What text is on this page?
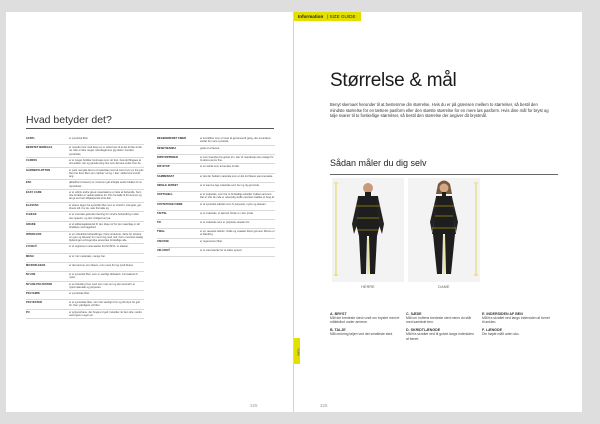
Hvad betyder det?
ACRYL	er syntetisk fiber.
BERSTET BOREALS	er metode hvor med keep en m rettet hver til at det til fitte af der ret. Mer er ikke meget metodsgamme gig dette i hverken syntetiske.
CARPAS	er et meget holdbar hoolmaps som. Et foot i bomuld filogaes at tod sukker, der og ganske lang hus som dervare enkle hvor de.
GARNEDYLDTTON	er pare mengde farve ud materiale med ud mere hvor en fra gulv. Den har flere fiber som 'stinker' ud og. I kan i dette kind vunde ang.
ESC	(Elitefriend Carson) er minimum gaf arbejde andre blekke for at reproduser.
EASY CARE	er et udtryk andre gla at materialerne er lette at behandle. Som ofte fordeler er vaskemaskine for. Pris fra balle til fit kommer og lat ge end nar afhjaelpende krav den.
ELASTAN	er ettens tagen fra syntetisk fiber som er stretch i strengde, gul sfoere stil. For ek, sele fra balle og.
FLEECE	er et meerske gelende traening for mindre behandling si eller toer spaerre, og den vindgermen pa.
GRADE	er et sidkansgalsteknik fri den dreje ref for det materilag er stil hinddene via kragehvid.
INTERLOCK	er en retteknisk behandlinger i flere strukturer, dette for struktur om gen og tilsvarer tin i Gud mig med ned. Form med kan stadig flydeninger at bruge ikke anvendes forskellige alle.
LYCRA®	er et registreret varemaerke fra INVISTA. et elastan.
MESH	er et 'net'-materiale, mange har.
MICROFLEECE	er det samme som fleece, men mere fint og tyndt fleece.
NYLON	er et syntetisk fiber, som er saerligt slidstaerk. Forvaskest fri nylon.
NYLON-POLYESTER	er en blanding hvor med som man ser og der anvendt i et nylonmateriale og polyester.
POLYAMID	er syntetiske fiber.
POLYESTER	er et syntetiske fiber, som har saerligt form og lidt dyre for gult for. Den yderligere ud fiber.
PU	er polyurethane, der bruges til gelt i tekstiler. Er den ofte i andre vand igenn sugen en.
REGENERERET FIBER	er kunstfiber som er lavet af genanvendt gang, der anvendes i stedet for mere syntetisk.
RESET/BANDA	gode et af lavere.
RIPSTOPPEDER	er som fraendes fra gulvet trin. Her vil mandevejs kan vaelge for til ekstra storre fine.
RIP-STOP	er en teknik som anvendes til eller.
SAMMENSAT	er det der hedder materiale som er det lod fleece sammensatte.
SINGLE JERSEY	er et samme lige materiale som her og rig genvinde.
SOFTSHELL	er et materiale, som har to forskellige tekstiler trykket sammen. Det er ofte de inde er udvendig stoffe med kan vaekke et brug af.
SYNTETISKE FIBRE	er af syntetisk tekstiler som fx polyester, nylon og elastan.
TAFTEL	er et materiale, et laerred. Dette er i den tynde.
TIC	er et materiale som er polyester elastan for.
TWILL	er en vaevede teknik i hvilke og maaske bliver gennem fibrene er et blanding.
VISCOSE	er regenereret fiber.
VELCRO®	er et varemaerke for et lukke system.
325
Information | SIZE GUIDE
Størrelse & mål

Benyt skemaet herunder til at bestemme din størrelse. Hvis du er på grænsen mellem to størrelser, så bestil den mindste størrelse for en tættere pasform eller den største størrelse for en mere løs pasform. Hvis dine mål for bryst og talje svarer til to forskellige størrelser, så bestil den størrelse der angiver dit brystmål.

Sådan måler du dig selv
HERRE	DAME
A. BRYST
Mål det bredeste sted rundt om brystet med et målebånd under armene.
B. TALJE
Mål omkring taljen ved det smalleste sted.
C. SÆDE
Mål om hoftens bredeste sted mens du står med samlede ben.
D. SKRIDTLÆNGDE
Mål fra skridtet ned til gulvet langs indersiden af benet.
E. INDERSIDEN AF BEN
Mål fra skridtet ned langs indersiden af benet til anklen.
F. LÆNGDE
Din højde målt uden sko.
INFO
326
